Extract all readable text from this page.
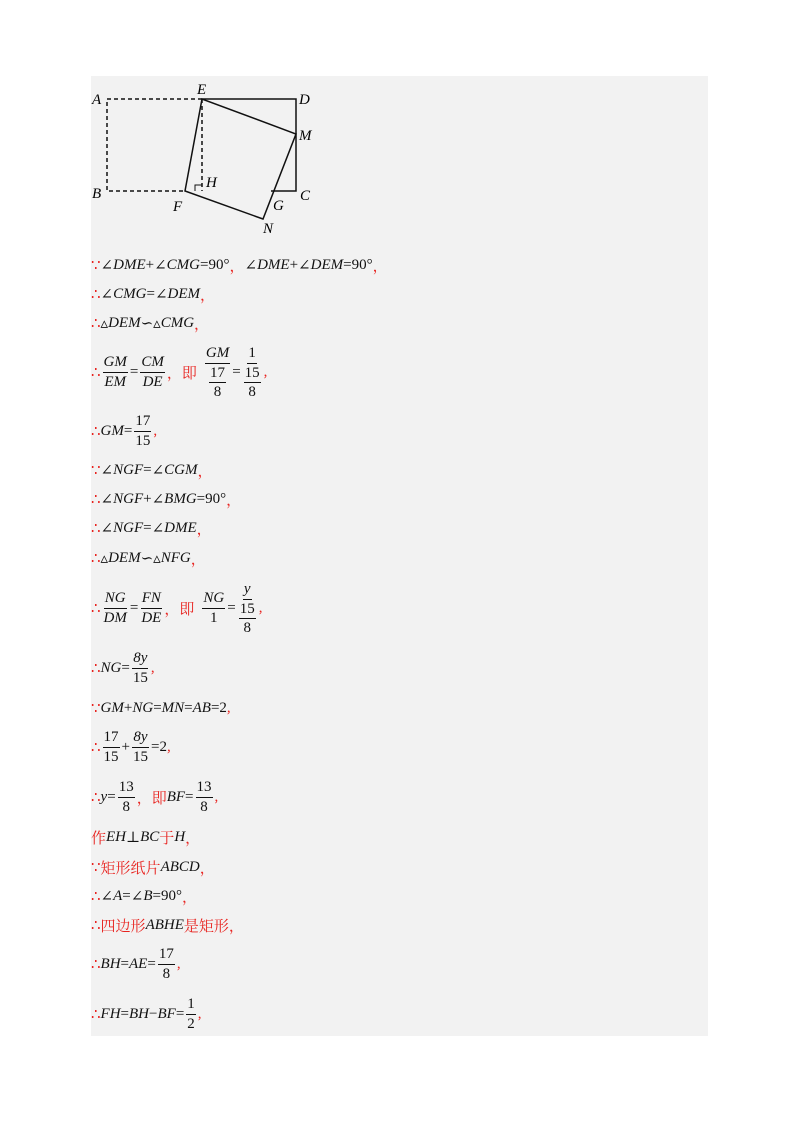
A
E
D
M
B
H
C
F	G
N
∵ ∠ DME + ∠ CMG = 90° ， ∠ DME + ∠ DEM = 90° ，
∴ ∠ CMG = ∠ DEM ，
∴ ▵ DEM ∽ ▵ CMG ，
∴ $\frac{GM}{EM} = \frac{CM}{DE}$ ， 即 $\frac{GM}{\frac{17}{8}} = \frac{1}{\frac{15}{8}}$ ,
∴ GM = $\frac{17}{15}$ ,
∵ ∠ NGF = ∠ CGM ，
∴ ∠ NGF + ∠ BMG = 90° ，
∴ ∠ NGF = ∠ DME ，
∴ ▵ DEM ∽ ▵ NFG ，
∴ $\frac{NG}{DM} = \frac{FN}{DE}$ ， 即 $\frac{NG}{1} = \frac{y}{\frac{15}{8}}$ ,
∴ NG = $\frac{8y}{15}$ ,
∵ GM + NG = MN = AB = 2 ,
∴ $\frac{17}{15} + \frac{8y}{15} = 2$ ,
∴ $y = \frac{13}{8}$ ， 即 BF = $\frac{13}{8}$ ,
作 EH ⊥ BC 于 H ，
∵ 矩形纸片 ABCD ，
∴ ∠ A = ∠ B = 90° ，
∴ 四边形 ABHE 是矩形 ，
∴ BH = AE = $\frac{17}{8}$ ,
∴ FH = BH − BF = $\frac{1}{2}$ ,
